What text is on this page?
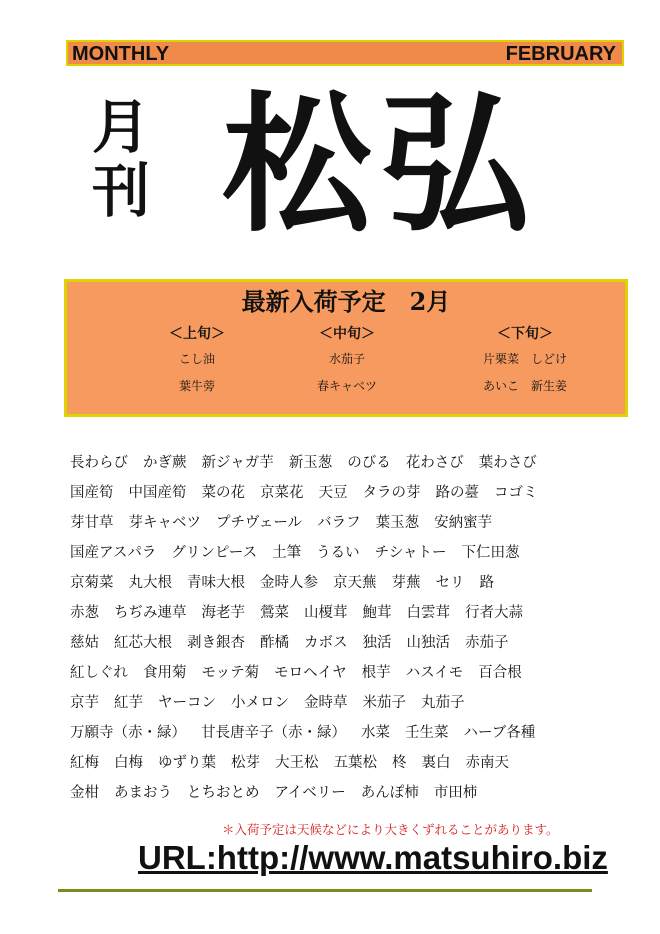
MONTHLY	FEBRUARY
月
刊 松弘
最新入荷予定　2月
＜上旬＞
こし油
葉牛蒡
＜中旬＞
水茄子
春キャベツ
＜下旬＞
片栗菜　しどけ
あいこ　新生姜
長わらび かぎ蕨 新ジャガ芋 新玉葱 のびる 花わさび 葉わさび
国産筍 中国産筍 菜の花 京菜花 天豆 タラの芽 路の薹 コゴミ
芽甘草 芽キャベツ プチヴェール バラフ 葉玉葱 安納蜜芋
国産アスパラ グリンピース 土筆 うるい チシャトー 下仁田葱
京菊菜 丸大根 青味大根 金時人参 京天蕪 芽蕪 セリ 路
赤葱 ちぢみ連草 海老芋 鶯菜 山榎茸 鮑茸 白雲茸 行者大蒜
慈姑 紅芯大根 剥き銀杏 酢橘 カボス 独活 山独活 赤茄子
紅しぐれ 食用菊 モッテ菊 モロヘイヤ 根芋 ハスイモ 百合根
京芋 紅芋 ヤーコン 小メロン 金時草 米茄子 丸茄子
万願寺（赤・緑） 甘長唐辛子（赤・緑） 水菜 壬生菜 ハーブ各種
紅梅 白梅 ゆずり葉 松芽 大王松 五葉松 柊 裏白 赤南天
金柑 あまおう とちおとめ アイベリー あんぽ柿 市田柿
＊入荷予定は天候などにより大きくずれることがあります。
URL:http://www.matsuhiro.biz
